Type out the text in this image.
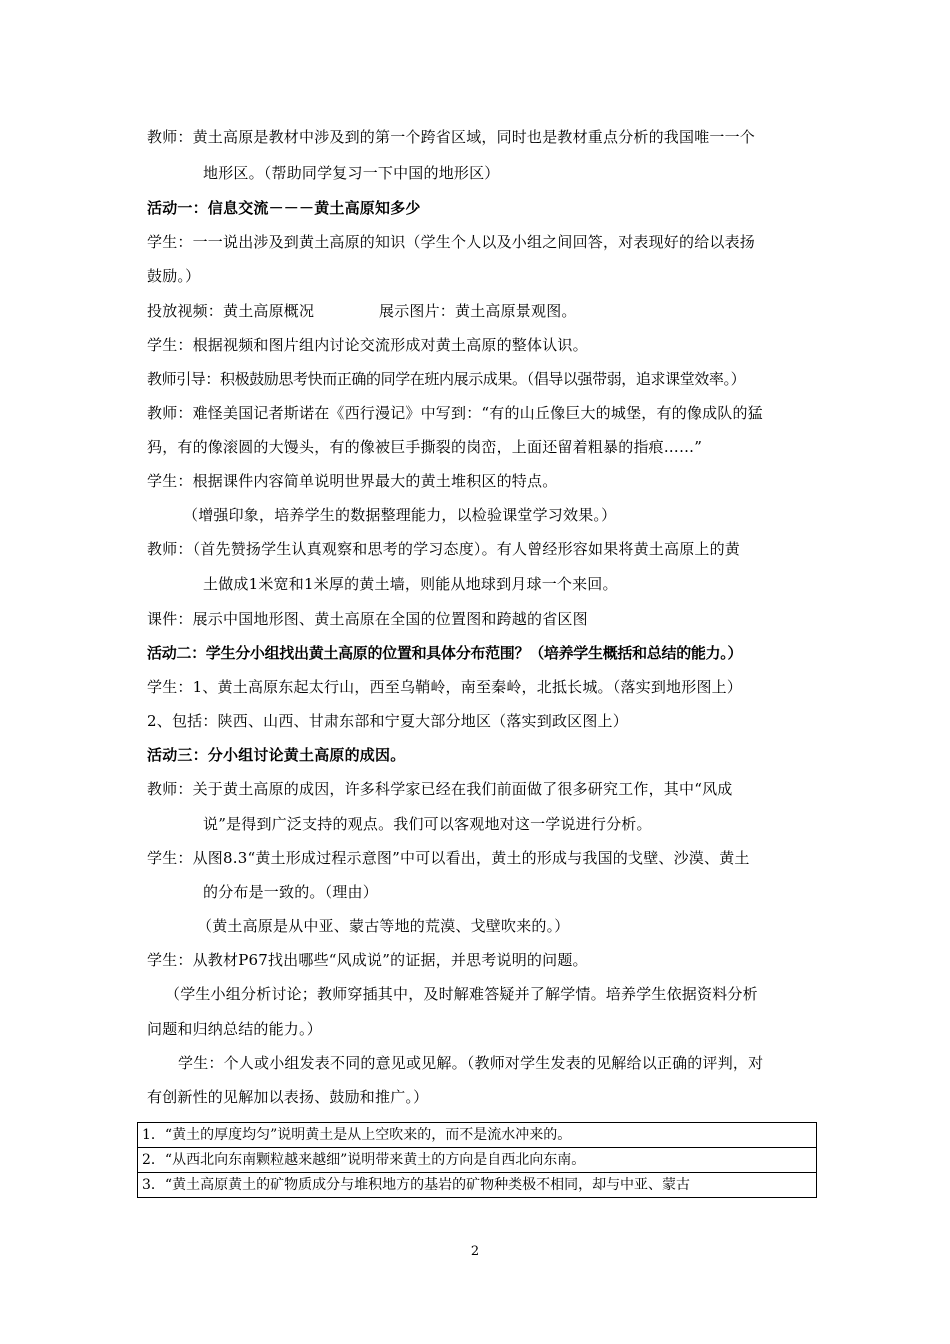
教师：黄土高原是教材中涉及到的第一个跨省区域，同时也是教材重点分析的我国唯一一个
地形区。（帮助同学复习一下中国的地形区）
活动一：信息交流－－－黄土高原知多少
学生：一一说出涉及到黄土高原的知识（学生个人以及小组之间回答，对表现好的给以表扬
鼓励。）
投放视频：黄土高原概况	展示图片：黄土高原景观图。
学生：根据视频和图片组内讨论交流形成对黄土高原的整体认识。
教师引导：积极鼓励思考快而正确的同学在班内展示成果。（倡导以强带弱，追求课堂效率。）
教师：难怪美国记者斯诺在《西行漫记》中写到：“有的山丘像巨大的城堡，有的像成队的猛
犸，有的像滚圆的大馒头，有的像被巨手撕裂的岗峦，上面还留着粗暴的指痕……”
学生：根据课件内容简单说明世界最大的黄土堆积区的特点。
（增强印象，培养学生的数据整理能力，以检验课堂学习效果。）
教师：（首先赞扬学生认真观察和思考的学习态度）。有人曾经形容如果将黄土高原上的黄
土做成1米宽和1米厚的黄土墙，则能从地球到月球一个来回。
课件：展示中国地形图、黄土高原在全国的位置图和跨越的省区图
活动二：学生分小组找出黄土高原的位置和具体分布范围？（培养学生概括和总结的能力。）
学生：1、黄土高原东起太行山，西至乌鞘岭，南至秦岭，北抵长城。（落实到地形图上）
2、包括：陕西、山西、甘肃东部和宁夏大部分地区（落实到政区图上）
活动三：分小组讨论黄土高原的成因。
教师：关于黄土高原的成因，许多科学家已经在我们前面做了很多研究工作，其中“风成
说”是得到广泛支持的观点。我们可以客观地对这一学说进行分析。
学生：从图8.3“黄土形成过程示意图”中可以看出，黄土的形成与我国的戈壁、沙漠、黄土
的分布是一致的。（理由）
（黄土高原是从中亚、蒙古等地的荒漠、戈壁吹来的。）
学生：从教材P67找出哪些“风成说”的证据，并思考说明的问题。
（学生小组分析讨论；教师穿插其中，及时解难答疑并了解学情。培养学生依据资料分析
问题和归纳总结的能力。）
学生：个人或小组发表不同的意见或见解。（教师对学生发表的见解给以正确的评判，对
有创新性的见解加以表扬、鼓励和推广。）
1．“黄土的厚度均匀”说明黄土是从上空吹来的，而不是流水冲来的。
2．“从西北向东南颗粒越来越细”说明带来黄土的方向是自西北向东南。
3．“黄土高原黄土的矿物质成分与堆积地方的基岩的矿物种类极不相同，却与中亚、蒙古
2
